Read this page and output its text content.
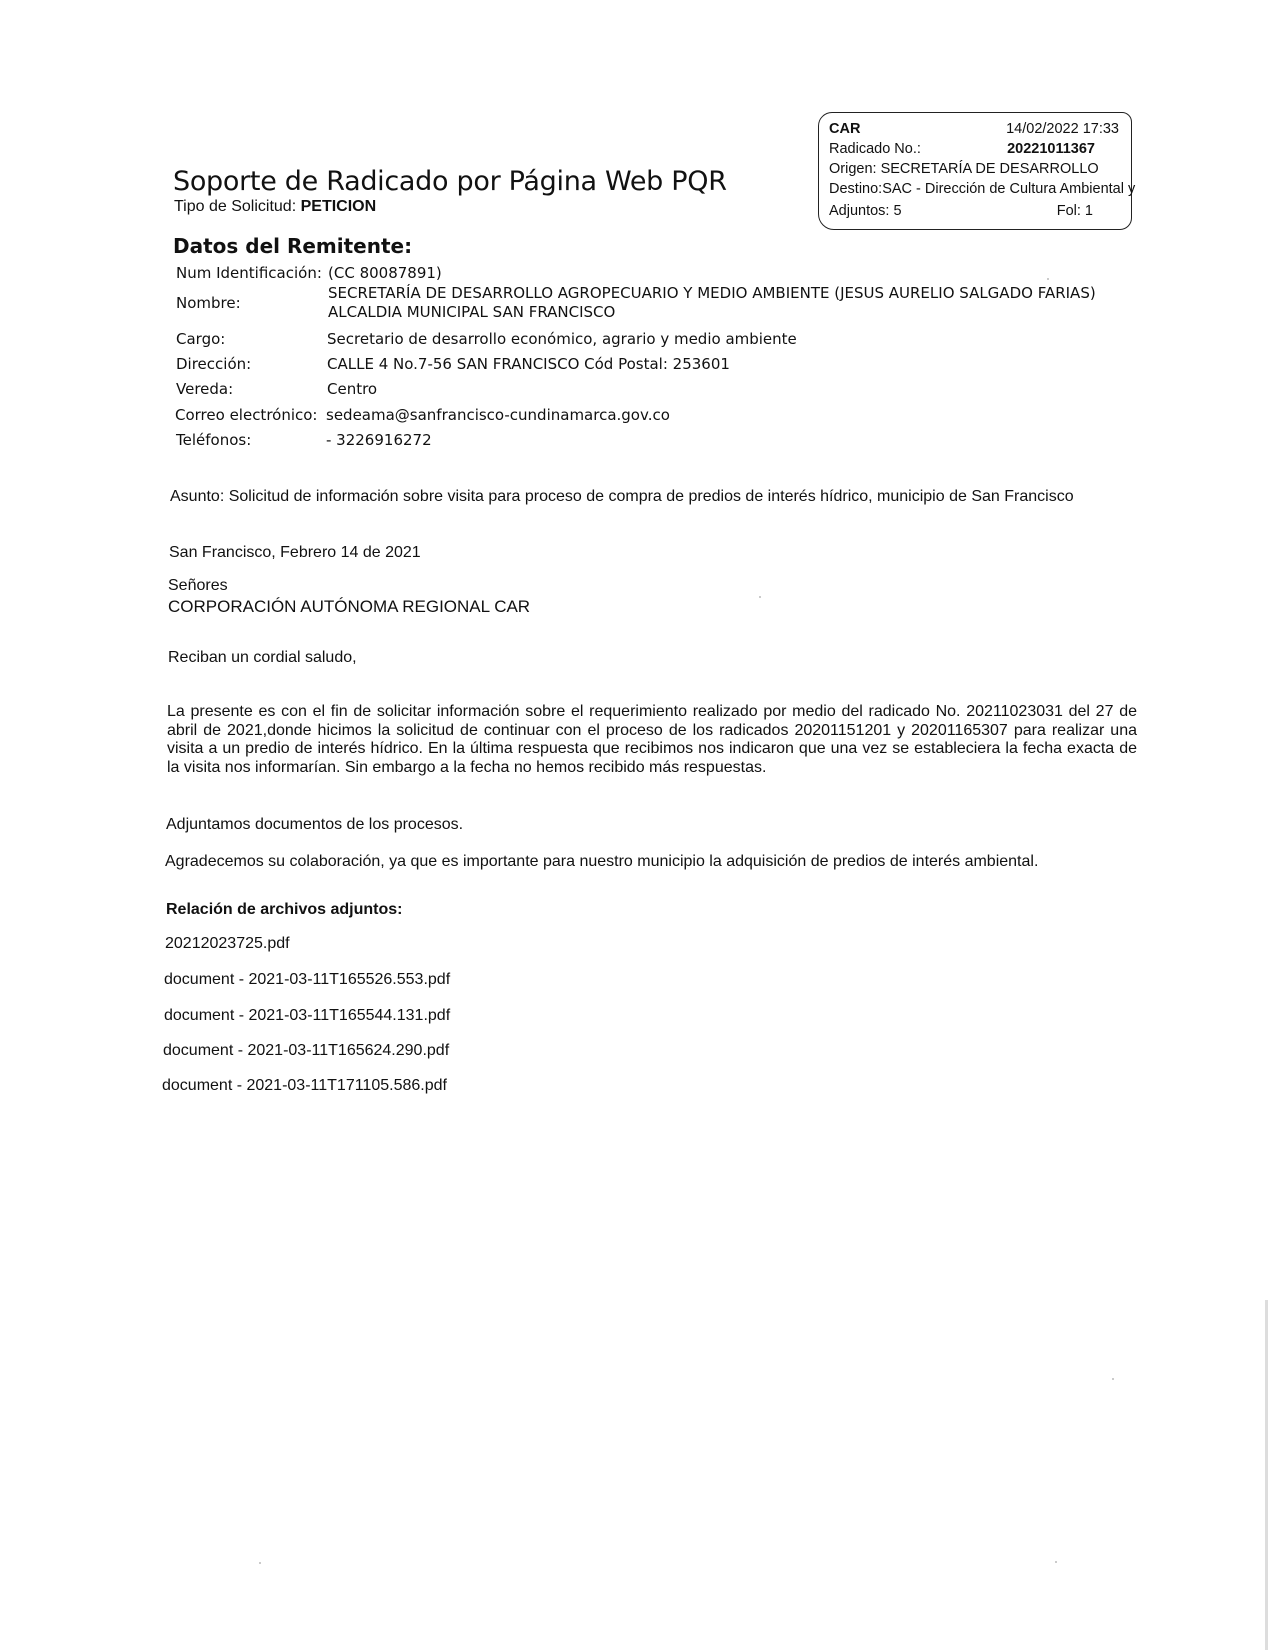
CAR	14/02/2022 17:33
Radicado No.:	20221011367
Origen: SECRETARÍA DE DESARROLLO
Destino:SAC - Dirección de Cultura Ambiental y
Adjuntos: 5	Fol: 1
Soporte de Radicado por Página Web PQR
Tipo de Solicitud: PETICION
Datos del Remitente:
Num Identificación: (CC 80087891)
Nombre:
SECRETARÍA DE DESARROLLO AGROPECUARIO Y MEDIO AMBIENTE (JESUS AURELIO SALGADO FARIAS)
ALCALDIA MUNICIPAL SAN FRANCISCO
Cargo:	Secretario de desarrollo económico, agrario y medio ambiente
Dirección:	CALLE 4 No.7-56 SAN FRANCISCO Cód Postal: 253601
Vereda:	Centro
Correo electrónico: sedeama@sanfrancisco-cundinamarca.gov.co
Teléfonos:	- 3226916272
Asunto: Solicitud de información sobre visita para proceso de compra de predios de interés hídrico, municipio de San Francisco
San Francisco, Febrero 14 de 2021
Señores
CORPORACIÓN AUTÓNOMA REGIONAL CAR
Reciban un cordial saludo,
La presente es con el fin de solicitar información sobre el requerimiento realizado por medio del radicado No. 20211023031 del 27 de abril de 2021,donde hicimos la solicitud de continuar con el proceso de los radicados 20201151201 y 20201165307 para realizar una visita a un predio de interés hídrico. En la última respuesta que recibimos nos indicaron que una vez se estableciera la fecha exacta de la visita nos informarían. Sin embargo a la fecha no hemos recibido más respuestas.
Adjuntamos documentos de los procesos.
Agradecemos su colaboración, ya que es importante para nuestro municipio la adquisición de predios de interés ambiental.
Relación de archivos adjuntos:
20212023725.pdf
document - 2021-03-11T165526.553.pdf
document - 2021-03-11T165544.131.pdf
document - 2021-03-11T165624.290.pdf
document - 2021-03-11T171105.586.pdf
